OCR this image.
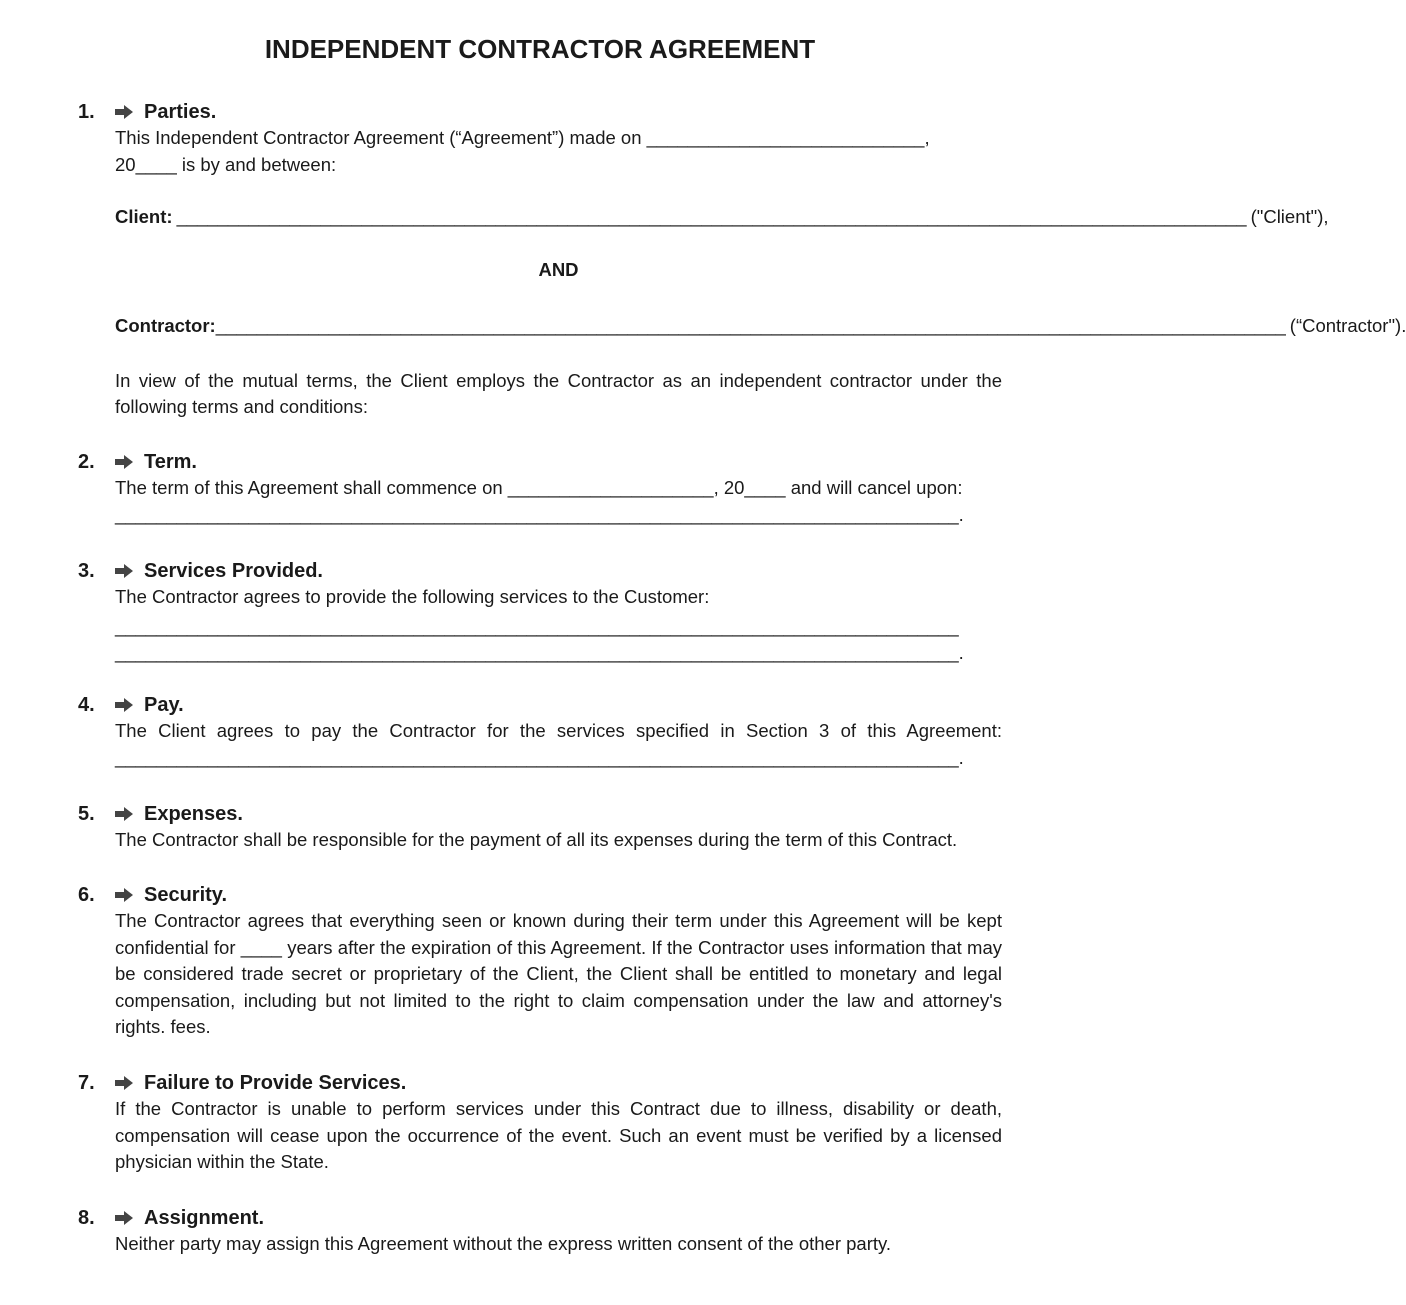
INDEPENDENT CONTRACTOR AGREEMENT
1.	Parties.
This Independent Contractor Agreement (“Agreement”) made on ___________________________, 20____ is by and between:
Client: ________________________________________________________________________________________________________ ("Client"),
AND
Contractor: ________________________________________________________________________________________________________ (“Contractor").
In view of the mutual terms, the Client employs the Contractor as an independent contractor under the following terms and conditions:
2.	Term.
The term of this Agreement shall commence on ____________________, 20____ and will cancel upon:
__________________________________________________________________________________.
3.	Services Provided.
The Contractor agrees to provide the following services to the Customer:
__________________________________________________________________________________
__________________________________________________________________________________.
4.	Pay.
The Client agrees to pay the Contractor for the services specified in Section 3 of this Agreement:
__________________________________________________________________________________.
5.	Expenses.
The Contractor shall be responsible for the payment of all its expenses during the term of this Contract.
6.	Security.
The Contractor agrees that everything seen or known during their term under this Agreement will be kept confidential for ____ years after the expiration of this Agreement. If the Contractor uses information that may be considered trade secret or proprietary of the Client, the Client shall be entitled to monetary and legal compensation, including but not limited to the right to claim compensation under the law and attorney's rights. fees.
7.	Failure to Provide Services.
If the Contractor is unable to perform services under this Contract due to illness, disability or death, compensation will cease upon the occurrence of the event. Such an event must be verified by a licensed physician within the State.
8.	Assignment.
Neither party may assign this Agreement without the express written consent of the other party.
